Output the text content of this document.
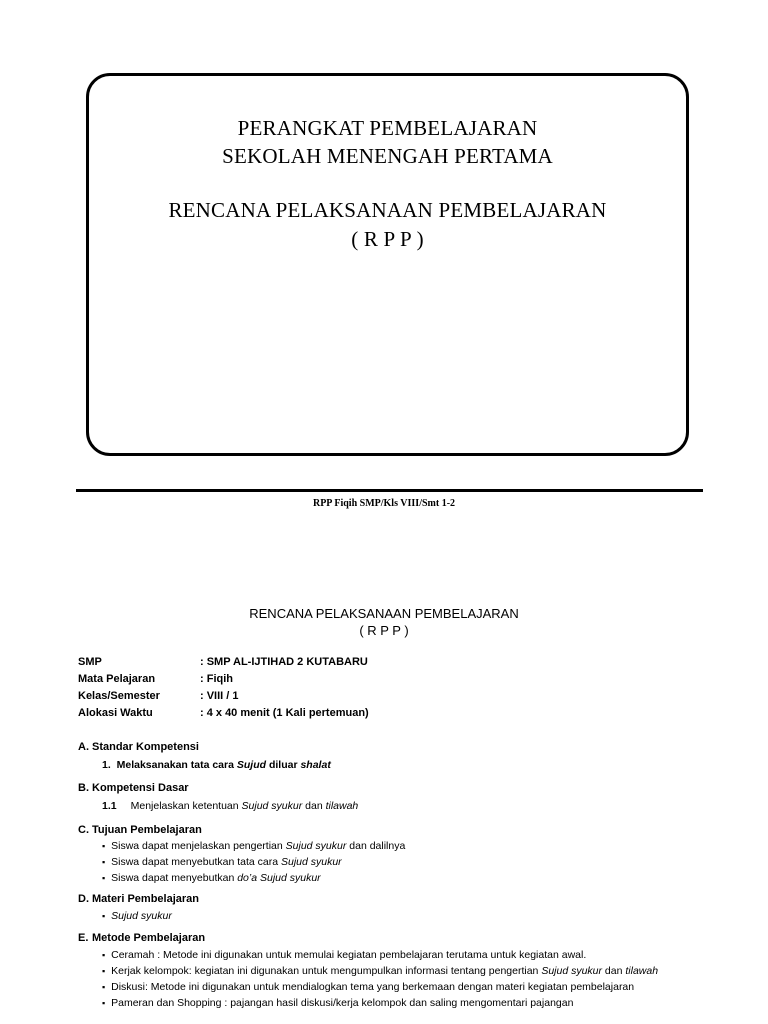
PERANGKAT PEMBELAJARAN
SEKOLAH MENENGAH PERTAMA
RENCANA PELAKSANAAN PEMBELAJARAN
( R P P )
RPP Fiqih SMP/Kls VIII/Smt 1-2
RENCANA PELAKSANAAN PEMBELAJARAN
( R P P )
SMP	: SMP AL-IJTIHAD 2 KUTABARU
Mata Pelajaran	: Fiqih
Kelas/Semester	: VIII / 1
Alokasi Waktu	: 4 x 40 menit (1 Kali pertemuan)
A. Standar Kompetensi
1. Melaksanakan tata cara Sujud diluar shalat
B. Kompetensi Dasar
1.1 Menjelaskan ketentuan Sujud syukur dan tilawah
C. Tujuan Pembelajaran
▪ Siswa dapat menjelaskan pengertian Sujud syukur dan dalilnya
▪ Siswa dapat menyebutkan tata cara Sujud syukur
▪ Siswa dapat menyebutkan do’a Sujud syukur
D. Materi Pembelajaran
▪ Sujud syukur
E. Metode Pembelajaran
▪ Ceramah : Metode ini digunakan untuk memulai kegiatan pembelajaran terutama untuk kegiatan awal.
▪ Kerjak kelompok: kegiatan ini digunakan untuk mengumpulkan informasi tentang pengertian Sujud syukur dan tilawah
▪ Diskusi: Metode ini digunakan untuk mendialogkan tema yang berkemaan dengan materi kegiatan pembelajaran
▪ Pameran dan Shopping : pajangan hasil diskusi/kerja kelompok dan saling mengomentari pajangan
